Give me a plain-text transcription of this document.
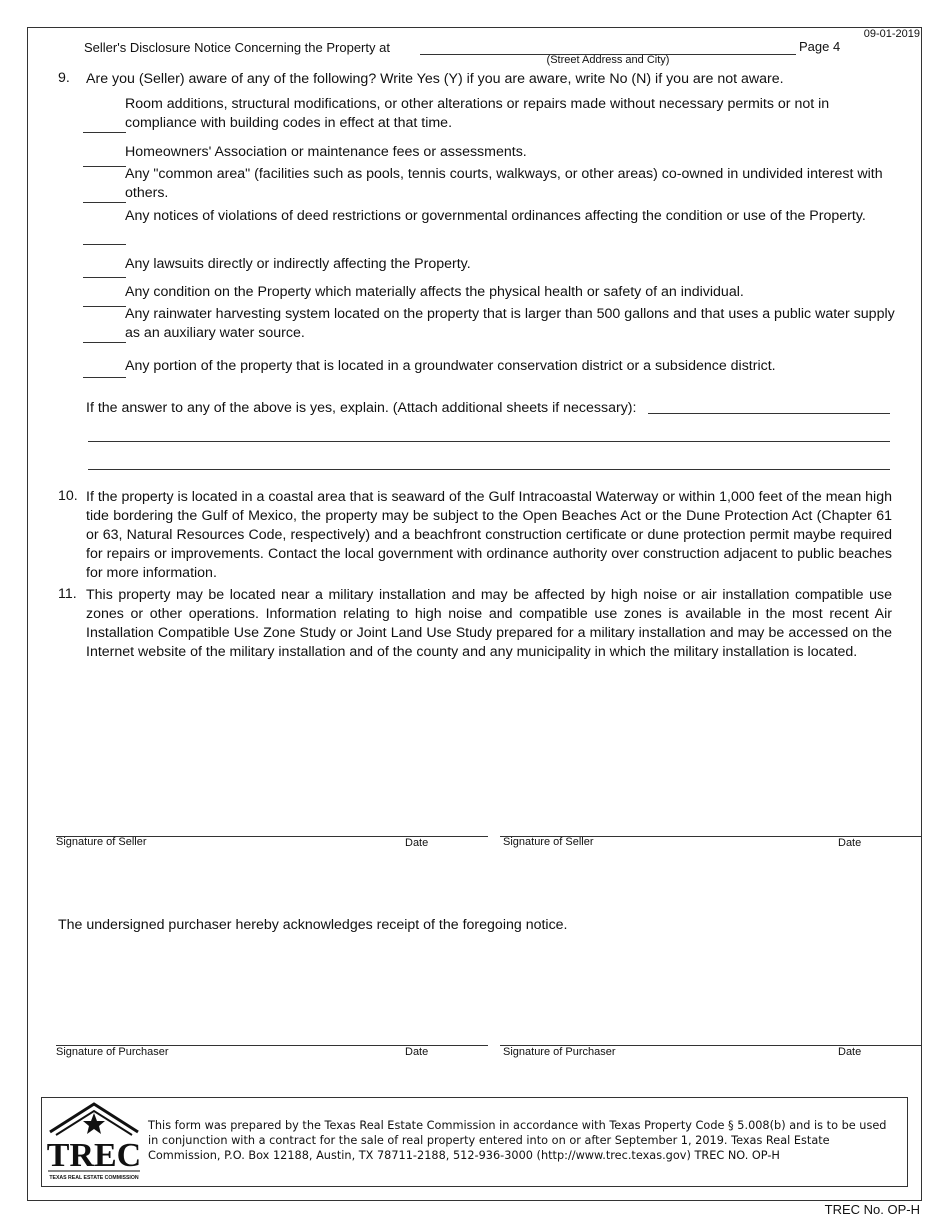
09-01-2019
Seller's Disclosure Notice Concerning the Property at
(Street Address and City)
Page 4
9. Are you (Seller) aware of any of the following? Write Yes (Y) if you are aware, write No (N) if you are not aware.
Room additions, structural modifications, or other alterations or repairs made without necessary permits or not in compliance with building codes in effect at that time.
Homeowners' Association or maintenance fees or assessments.
Any "common area" (facilities such as pools, tennis courts, walkways, or other areas) co-owned in undivided interest with others.
Any notices of violations of deed restrictions or governmental ordinances affecting the condition or use of the Property.
Any lawsuits directly or indirectly affecting the Property.
Any condition on the Property which materially affects the physical health or safety of an individual.
Any rainwater harvesting system located on the property that is larger than 500 gallons and that uses a public water supply as an auxiliary water source.
Any portion of the property that is located in a groundwater conservation district or a subsidence district.
If the answer to any of the above is yes, explain. (Attach additional sheets if necessary):
10. If the property is located in a coastal area that is seaward of the Gulf Intracoastal Waterway or within 1,000 feet of the mean high tide bordering the Gulf of Mexico, the property may be subject to the Open Beaches Act or the Dune Protection Act (Chapter 61 or 63, Natural Resources Code, respectively) and a beachfront construction certificate or dune protection permit maybe required for repairs or improvements. Contact the local government with ordinance authority over construction adjacent to public beaches for more information.
11. This property may be located near a military installation and may be affected by high noise or air installation compatible use zones or other operations. Information relating to high noise and compatible use zones is available in the most recent Air Installation Compatible Use Zone Study or Joint Land Use Study prepared for a military installation and may be accessed on the Internet website of the military installation and of the county and any municipality in which the military installation is located.
Signature of Seller	Date	Signature of Seller	Date
The undersigned purchaser hereby acknowledges receipt of the foregoing notice.
Signature of Purchaser	Date	Signature of Purchaser	Date
TREC
TEXAS REAL ESTATE COMMISSION
This form was prepared by the Texas Real Estate Commission in accordance with Texas Property Code § 5.008(b) and is to be used in conjunction with a contract for the sale of real property entered into on or after September 1, 2019. Texas Real Estate Commission, P.O. Box 12188, Austin, TX 78711-2188, 512-936-3000 (http://www.trec.texas.gov) TREC NO. OP-H
TREC No. OP-H
